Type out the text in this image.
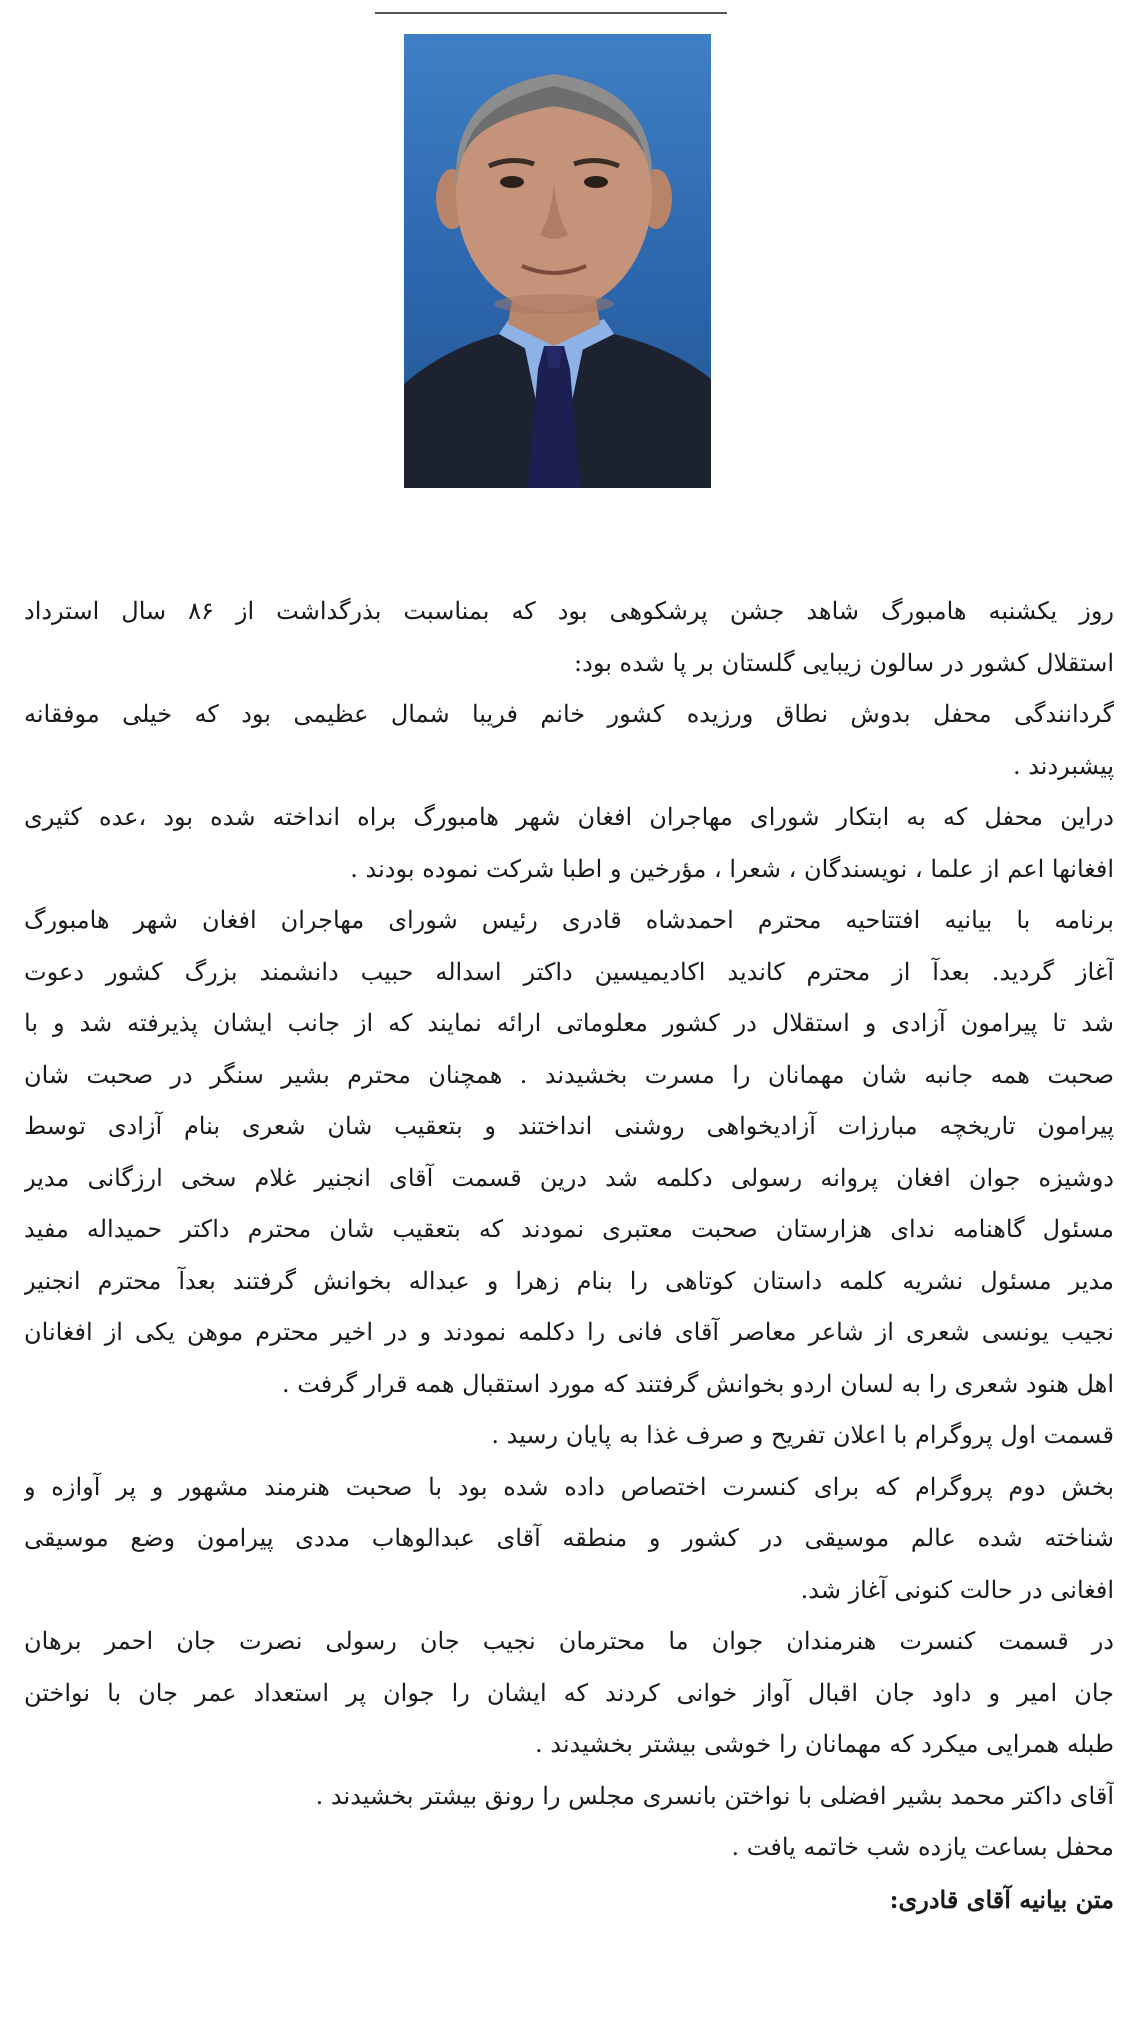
روز یکشنبه هامبورگ شاهد جشن پرشکوهی بود که بمناسبت بذرگداشت از ۸۶ سال استرداد
استقلال کشور در سالون زیبایی گلستان بر پا شده بود:
گردانندگی محفل بدوش نطاق ورزیده کشور خانم فریبا شمال عظیمی بود که خیلی موفقانه
پیشبردند .
دراین محفل که به ابتکار شورای مهاجران افغان شهر هامبورگ براه انداخته شده بود ،عده کثیری
افغانها اعم از علما ، نویسندگان ، شعرا ، مؤرخین و اطبا شرکت نموده بودند .
برنامه با بیانیه افتتاحیه محترم احمدشاه قادری رئیس شورای مهاجران افغان شهر هامبورگ
آغاز گردید. بعدآ از محترم کاندید اکادیمیسین داکتر اسداله حبیب دانشمند بزرگ کشور دعوت
شد تا پیرامون آزادی و استقلال در کشور معلوماتی ارائه نمایند که از جانب ایشان پذیرفته شد و با
صحبت همه جانبه شان مهمانان را مسرت بخشیدند . همچنان محترم بشیر سنگر در صحبت شان
پیرامون تاریخچه مبارزات آزادیخواهی روشنی انداختند و بتعقیب شان شعری بنام آزادی توسط
دوشیزه جوان افغان پروانه رسولی دکلمه شد درین قسمت آقای انجنیر غلام سخی ارزگانی مدیر
مسئول گاهنامه ندای هزارستان صحبت معتبری نمودند که بتعقیب شان محترم داکتر حمیداله مفید
مدیر مسئول نشریه کلمه داستان کوتاهی را بنام زهرا و عبداله بخوانش گرفتند بعدآ محترم انجنیر
نجیب یونسی شعری از شاعر معاصر آقای فانی را دکلمه نمودند و در اخیر محترم موهن یکی از افغانان
اهل هنود شعری را به لسان اردو بخوانش گرفتند که مورد استقبال همه قرار گرفت .
قسمت اول پروگرام با اعلان تفریح و صرف غذا به پایان رسید .
بخش دوم پروگرام که برای کنسرت اختصاص داده شده بود با صحبت هنرمند مشهور و پر آوازه و
شناخته شده عالم موسیقی در کشور و منطقه آقای عبدالوهاب مددی پیرامون وضع موسیقی
افغانی در حالت کنونی آغاز شد.
در قسمت کنسرت هنرمندان جوان ما محترمان نجیب جان رسولی نصرت جان احمر برهان
جان امیر و داود جان اقبال آواز خوانی کردند که ایشان را جوان پر استعداد عمر جان با نواختن
طبله همرایی میکرد که مهمانان را خوشی بیشتر بخشیدند .
آقای داکتر محمد بشیر افضلی با نواختن بانسری مجلس را رونق بیشتر بخشیدند .
محفل بساعت یازده شب خاتمه یافت .
متن بیانیه آقای قادری:
